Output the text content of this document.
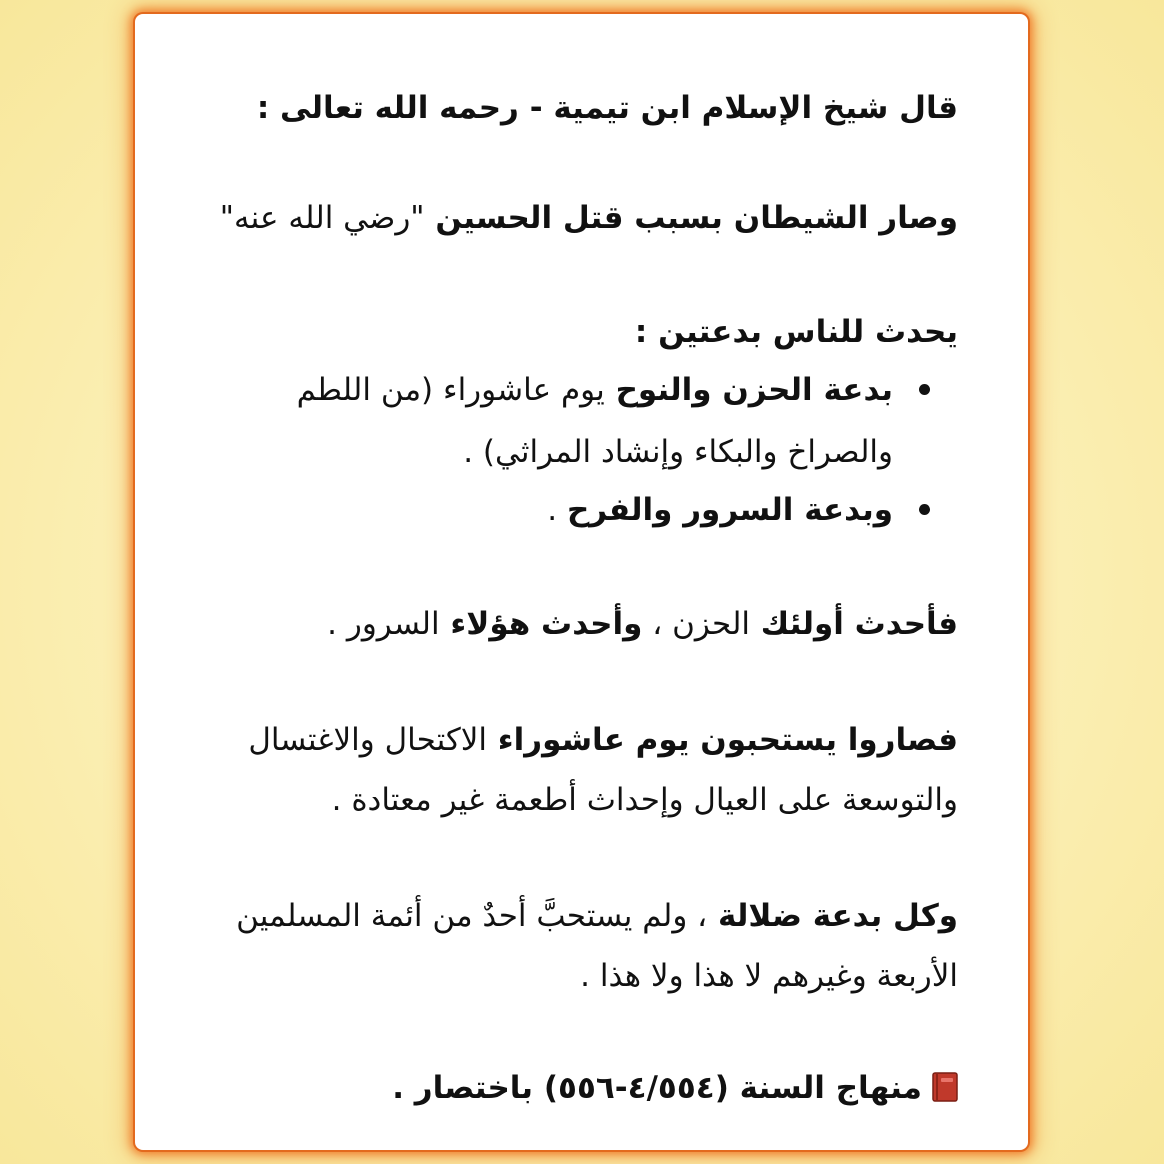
قال شيخ الإسلام ابن تيمية - رحمه الله تعالى :
وصار الشيطان بسبب قتل الحسين "رضي الله عنه"
يحدث للناس بدعتين :
بدعة الحزن والنوح يوم عاشوراء (من اللطم
والصراخ والبكاء وإنشاد المراثي) .
وبدعة السرور والفرح .
فأحدث أولئك الحزن ، وأحدث هؤلاء السرور .
فصاروا يستحبون يوم عاشوراء الاكتحال والاغتسال
والتوسعة على العيال وإحداث أطعمة غير معتادة .
وكل بدعة ضلالة ، ولم يستحبَّ أحدٌ من أئمة المسلمين
الأربعة وغيرهم لا هذا ولا هذا .
منهاج السنة (٤/٥٥٤-٥٥٦) باختصار .
